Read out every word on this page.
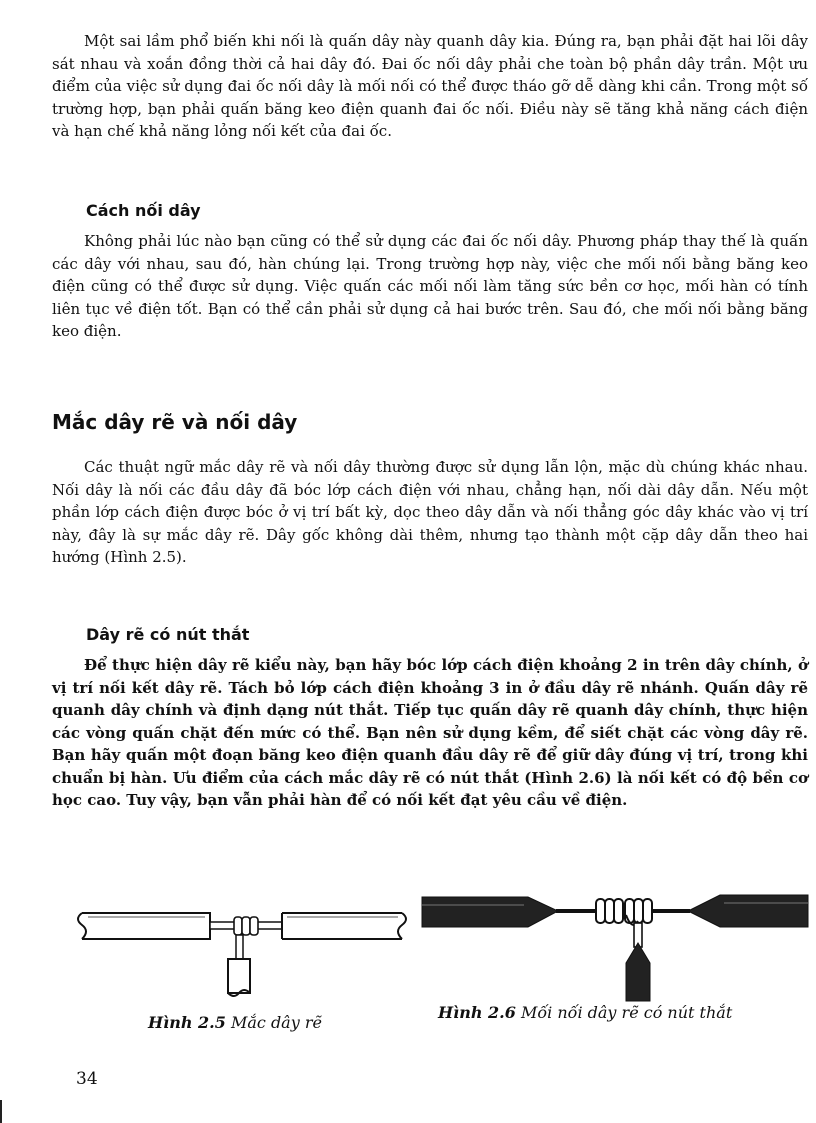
Một sai lầm phổ biến khi nối là quấn dây này quanh dây kia. Đúng ra, bạn phải đặt hai lõi dây sát nhau và xoắn đồng thời cả hai dây đó. Đai ốc nối dây phải che toàn bộ phần dây trần. Một ưu điểm của việc sử dụng đai ốc nối dây là mối nối có thể được tháo gỡ dễ dàng khi cần. Trong một số trường hợp, bạn phải quấn băng keo điện quanh đai ốc nối. Điều này sẽ tăng khả năng cách điện và hạn chế khả năng lỏng nối kết của đai ốc.

Cách nối dây

Không phải lúc nào bạn cũng có thể sử dụng các đai ốc nối dây. Phương pháp thay thế là quấn các dây với nhau, sau đó, hàn chúng lại. Trong trường hợp này, việc che mối nối bằng băng keo điện cũng có thể được sử dụng. Việc quấn các mối nối làm tăng sức bền cơ học, mối hàn có tính liên tục về điện tốt. Bạn có thể cần phải sử dụng cả hai bước trên. Sau đó, che mối nối bằng băng keo điện.

Mắc dây rẽ và nối dây

Các thuật ngữ mắc dây rẽ và nối dây thường được sử dụng lẫn lộn, mặc dù chúng khác nhau. Nối dây là nối các đầu dây đã bóc lớp cách điện với nhau, chẳng hạn, nối dài dây dẫn. Nếu một phần lớp cách điện được bóc ở vị trí bất kỳ, dọc theo dây dẫn và nối thẳng góc dây khác vào vị trí này, đây là sự mắc dây rẽ. Dây gốc không dài thêm, nhưng tạo thành một cặp dây dẫn theo hai hướng (Hình 2.5).

Dây rẽ có nút thắt

Để thực hiện dây rẽ kiểu này, bạn hãy bóc lớp cách điện khoảng 2 in trên dây chính, ở vị trí nối kết dây rẽ. Tách bỏ lớp cách điện khoảng 3 in ở đầu dây rẽ nhánh. Quấn dây rẽ quanh dây chính và định dạng nút thắt. Tiếp tục quấn dây rẽ quanh dây chính, thực hiện các vòng quấn chặt đến mức có thể. Bạn nên sử dụng kềm, để siết chặt các vòng dây rẽ. Bạn hãy quấn một đoạn băng keo điện quanh đầu dây rẽ để giữ dây đúng vị trí, trong khi chuẩn bị hàn. Ưu điểm của cách mắc dây rẽ có nút thắt (Hình 2.6) là nối kết có độ bền cơ học cao. Tuy vậy, bạn vẫn phải hàn để có nối kết đạt yêu cầu về điện.

Hình 2.5 Mắc dây rẽ
Hình 2.6 Mối nối dây rẽ có nút thắt
34
